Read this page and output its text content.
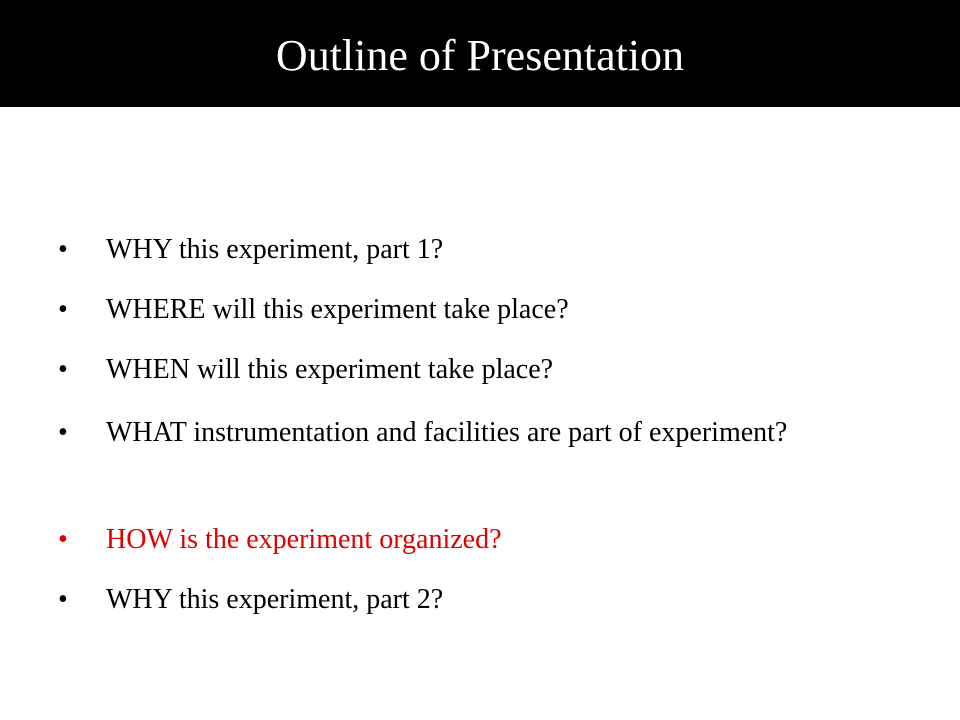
Outline of Presentation
• WHY this experiment, part 1?
• WHERE will this experiment take place?
• WHEN will this experiment take place?
• WHAT instrumentation and facilities are part of experiment?
• HOW is the experiment organized?
• WHY this experiment, part 2?
